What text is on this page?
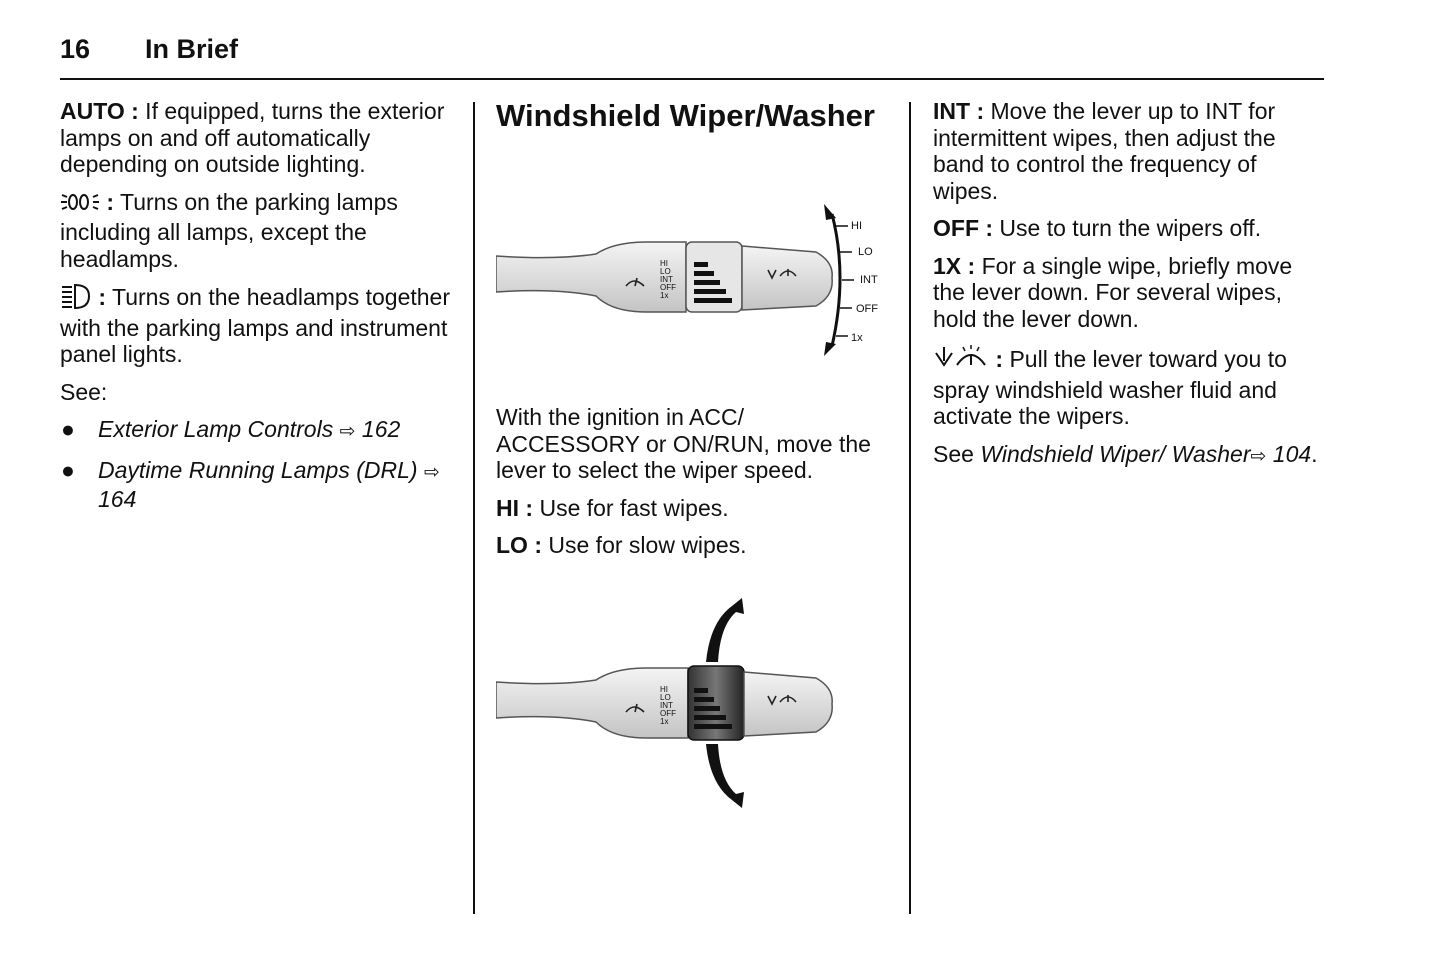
16 In Brief

AUTO : If equipped, turns the exterior lamps on and off automatically depending on outside lighting.

: Turns on the parking lamps including all lamps, except the headlamps.

: Turns on the headlamps together with the parking lamps and instrument panel lights.

See:

● Exterior Lamp Controls ⇨ 162
● Daytime Running Lamps (DRL) ⇨ 164
Windshield Wiper/Washer
HI
LO
INT
OFF
1x
HI
LO
INT
OFF
1x

With the ignition in ACC/ ACCESSORY or ON/RUN, move the lever to select the wiper speed.

HI : Use for fast wipes.

LO : Use for slow wipes.

HI
LO
INT
OFF
1x

INT : Move the lever up to INT for intermittent wipes, then adjust the band to control the frequency of wipes.

OFF : Use to turn the wipers off.

1X : For a single wipe, briefly move the lever down. For several wipes, hold the lever down.

: Pull the lever toward you to spray windshield washer fluid and activate the wipers.

See Windshield Wiper/ Washer⇨ 104.
